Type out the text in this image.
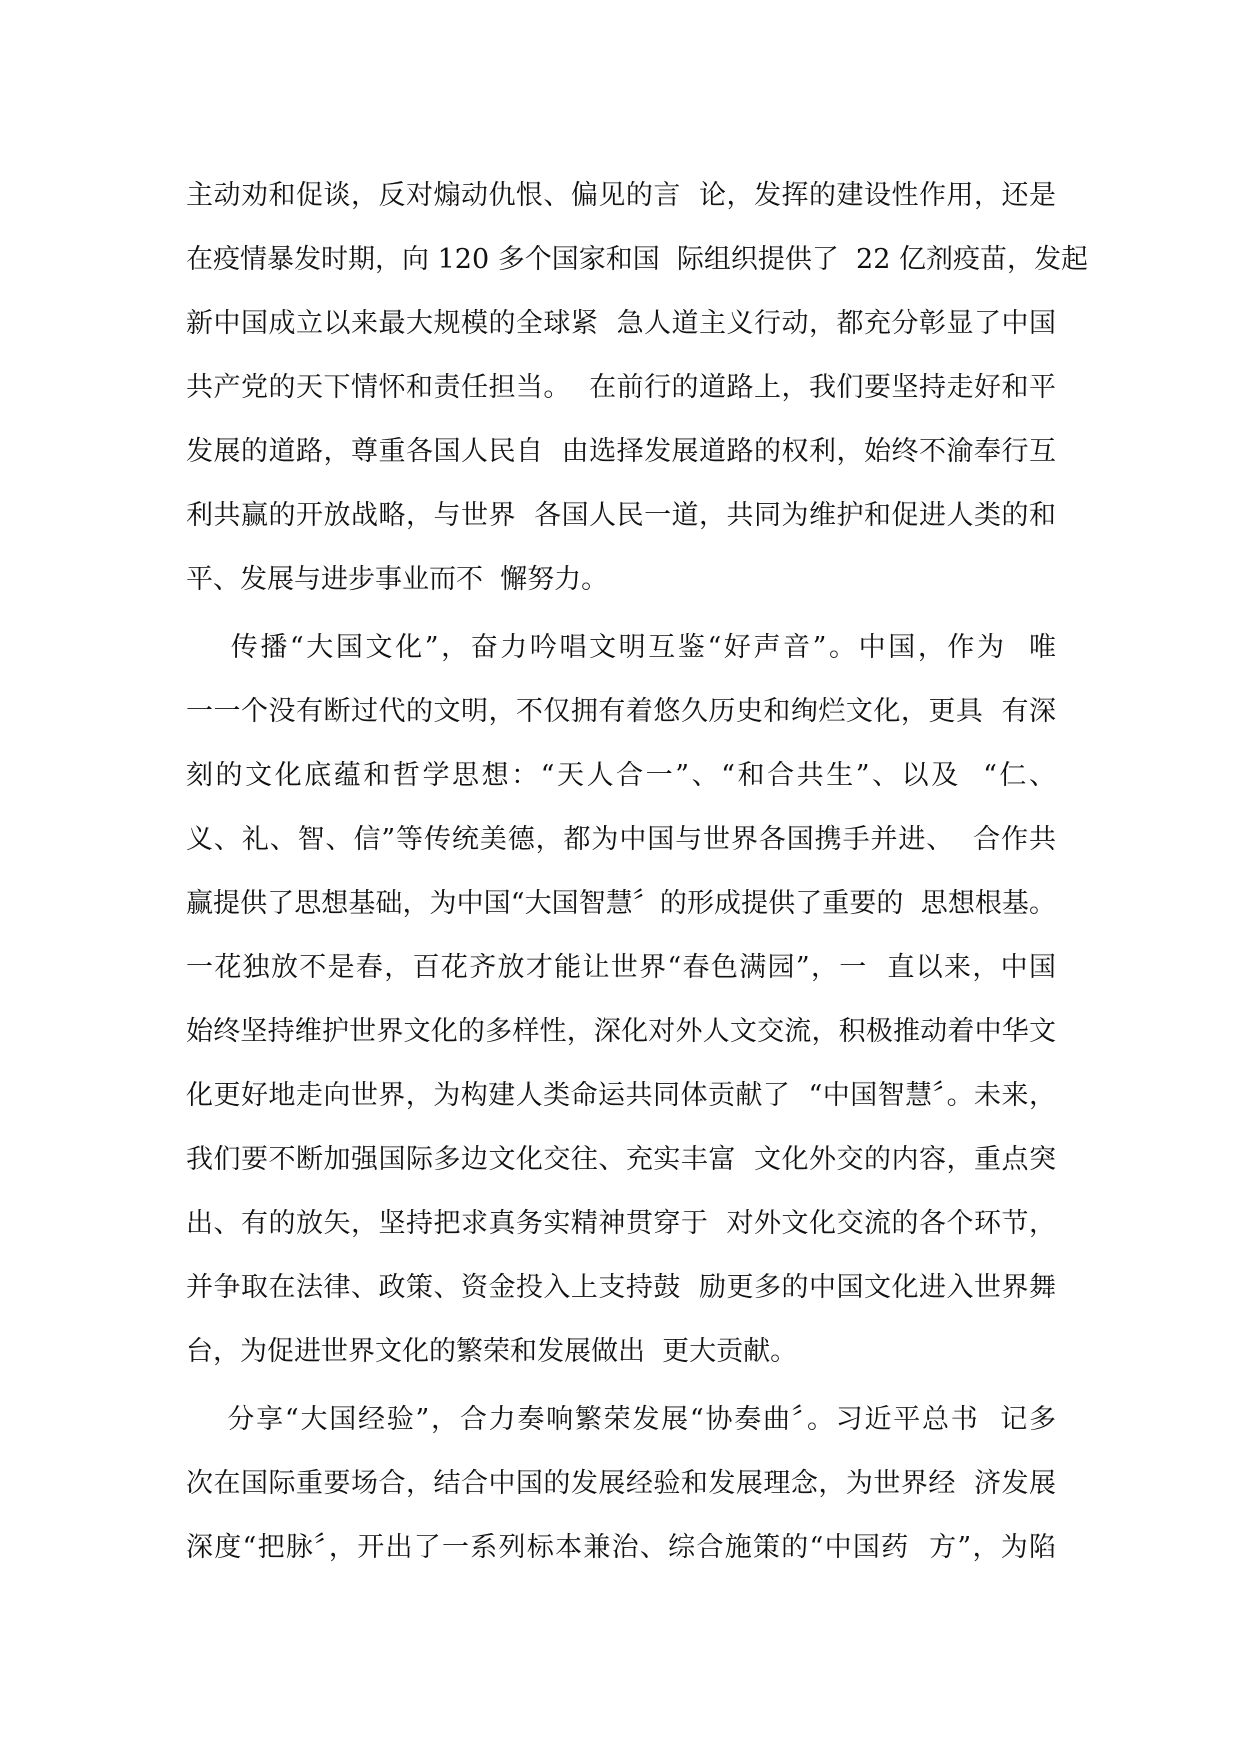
主动劝和促谈，反对煽动仇恨、偏见的言  论，发挥的建设性作用，还是
在疫情暴发时期，向 120 多个国家和国  际组织提供了  22 亿剂疫苗，发起
新中国成立以来最大规模的全球紧  急人道主义行动，都充分彰显了中国
共产党的天下情怀和责任担当。  在前行的道路上，我们要坚持走好和平
发展的道路，尊重各国人民自  由选择发展道路的权利，始终不渝奉行互
利共赢的开放战略，与世界  各国人民一道，共同为维护和促进人类的和
平、发展与进步事业而不  懈努力。
传播“大国文化”，奋力吟唱文明互鉴“好声音”。中国，作为  唯
一一个没有断过代的文明，不仅拥有着悠久历史和绚烂文化，更具  有深
刻的文化底蕴和哲学思想：“天人合一”、“和合共生”、以及  “仁、
义、礼、智、信”等传统美德，都为中国与世界各国携手并进、  合作共
赢提供了思想基础，为中国“大国智慧〞的形成提供了重要的  思想根基。
一花独放不是春，百花齐放才能让世界“春色满园”，一  直以来，中国
始终坚持维护世界文化的多样性，深化对外人文交流，积极推动着中华文
化更好地走向世界，为构建人类命运共同体贡献了  “中国智慧〞。未来，
我们要不断加强国际多边文化交往、充实丰富  文化外交的内容，重点突
出、有的放矢，坚持把求真务实精神贯穿于  对外文化交流的各个环节，
并争取在法律、政策、资金投入上支持鼓  励更多的中国文化进入世界舞
台，为促进世界文化的繁荣和发展做出  更大贡献。
分享“大国经验”，合力奏响繁荣发展“协奏曲〞。习近平总书  记多
次在国际重要场合，结合中国的发展经验和发展理念，为世界经  济发展
深度“把脉〞，开出了一系列标本兼治、综合施策的“中国药  方”，为陷
